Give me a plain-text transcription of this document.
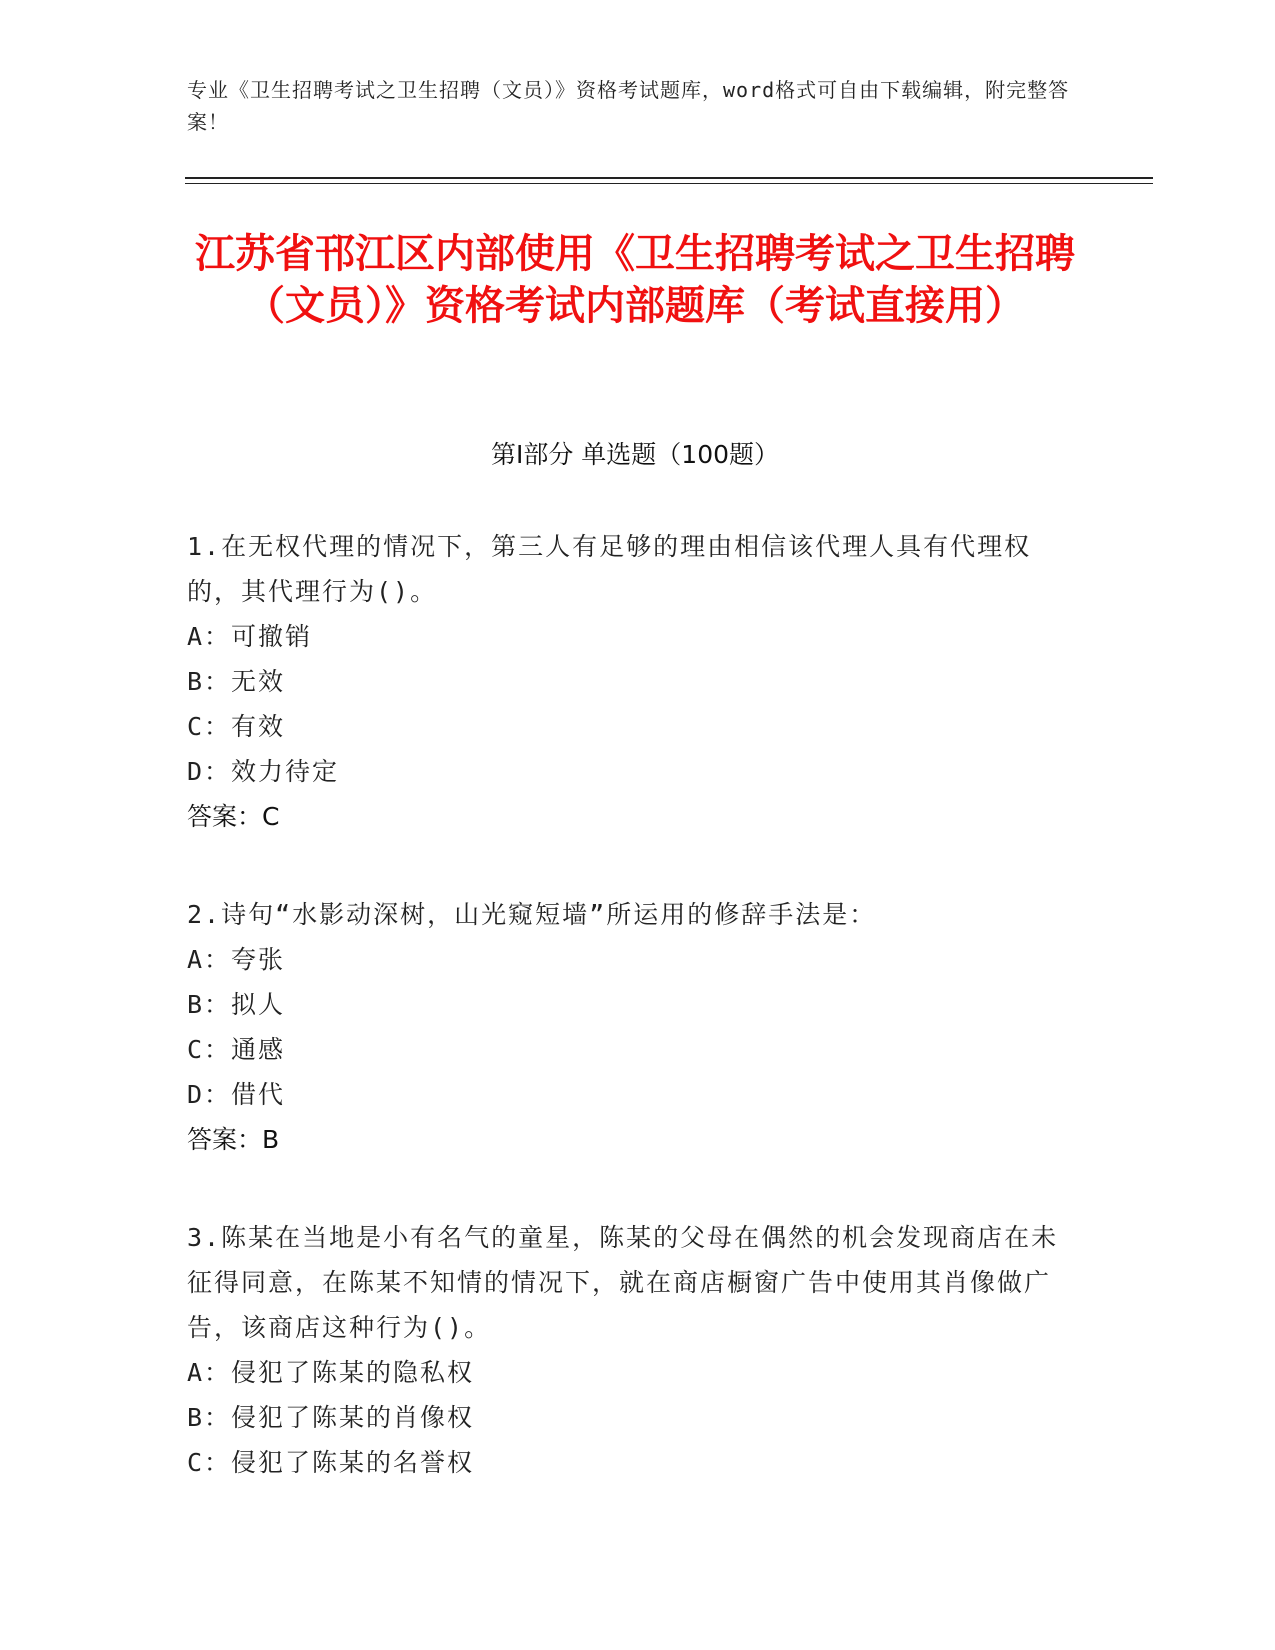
专业《卫生招聘考试之卫生招聘（文员）》资格考试题库，word格式可自由下载编辑，附完整答案！
江苏省邗江区内部使用《卫生招聘考试之卫生招聘（文员）》资格考试内部题库（考试直接用）
第Ⅰ部分 单选题（100题）

1.在无权代理的情况下，第三人有足够的理由相信该代理人具有代理权的，其代理行为()。

A：可撤销

B：无效

C：有效

D：效力待定

答案：C

2.诗句“水影动深树，山光窥短墙”所运用的修辞手法是：

A：夸张

B：拟人

C：通感

D：借代

答案：B

3.陈某在当地是小有名气的童星，陈某的父母在偶然的机会发现商店在未征得同意，在陈某不知情的情况下，就在商店橱窗广告中使用其肖像做广告，该商店这种行为()。

A：侵犯了陈某的隐私权

B：侵犯了陈某的肖像权

C：侵犯了陈某的名誉权
